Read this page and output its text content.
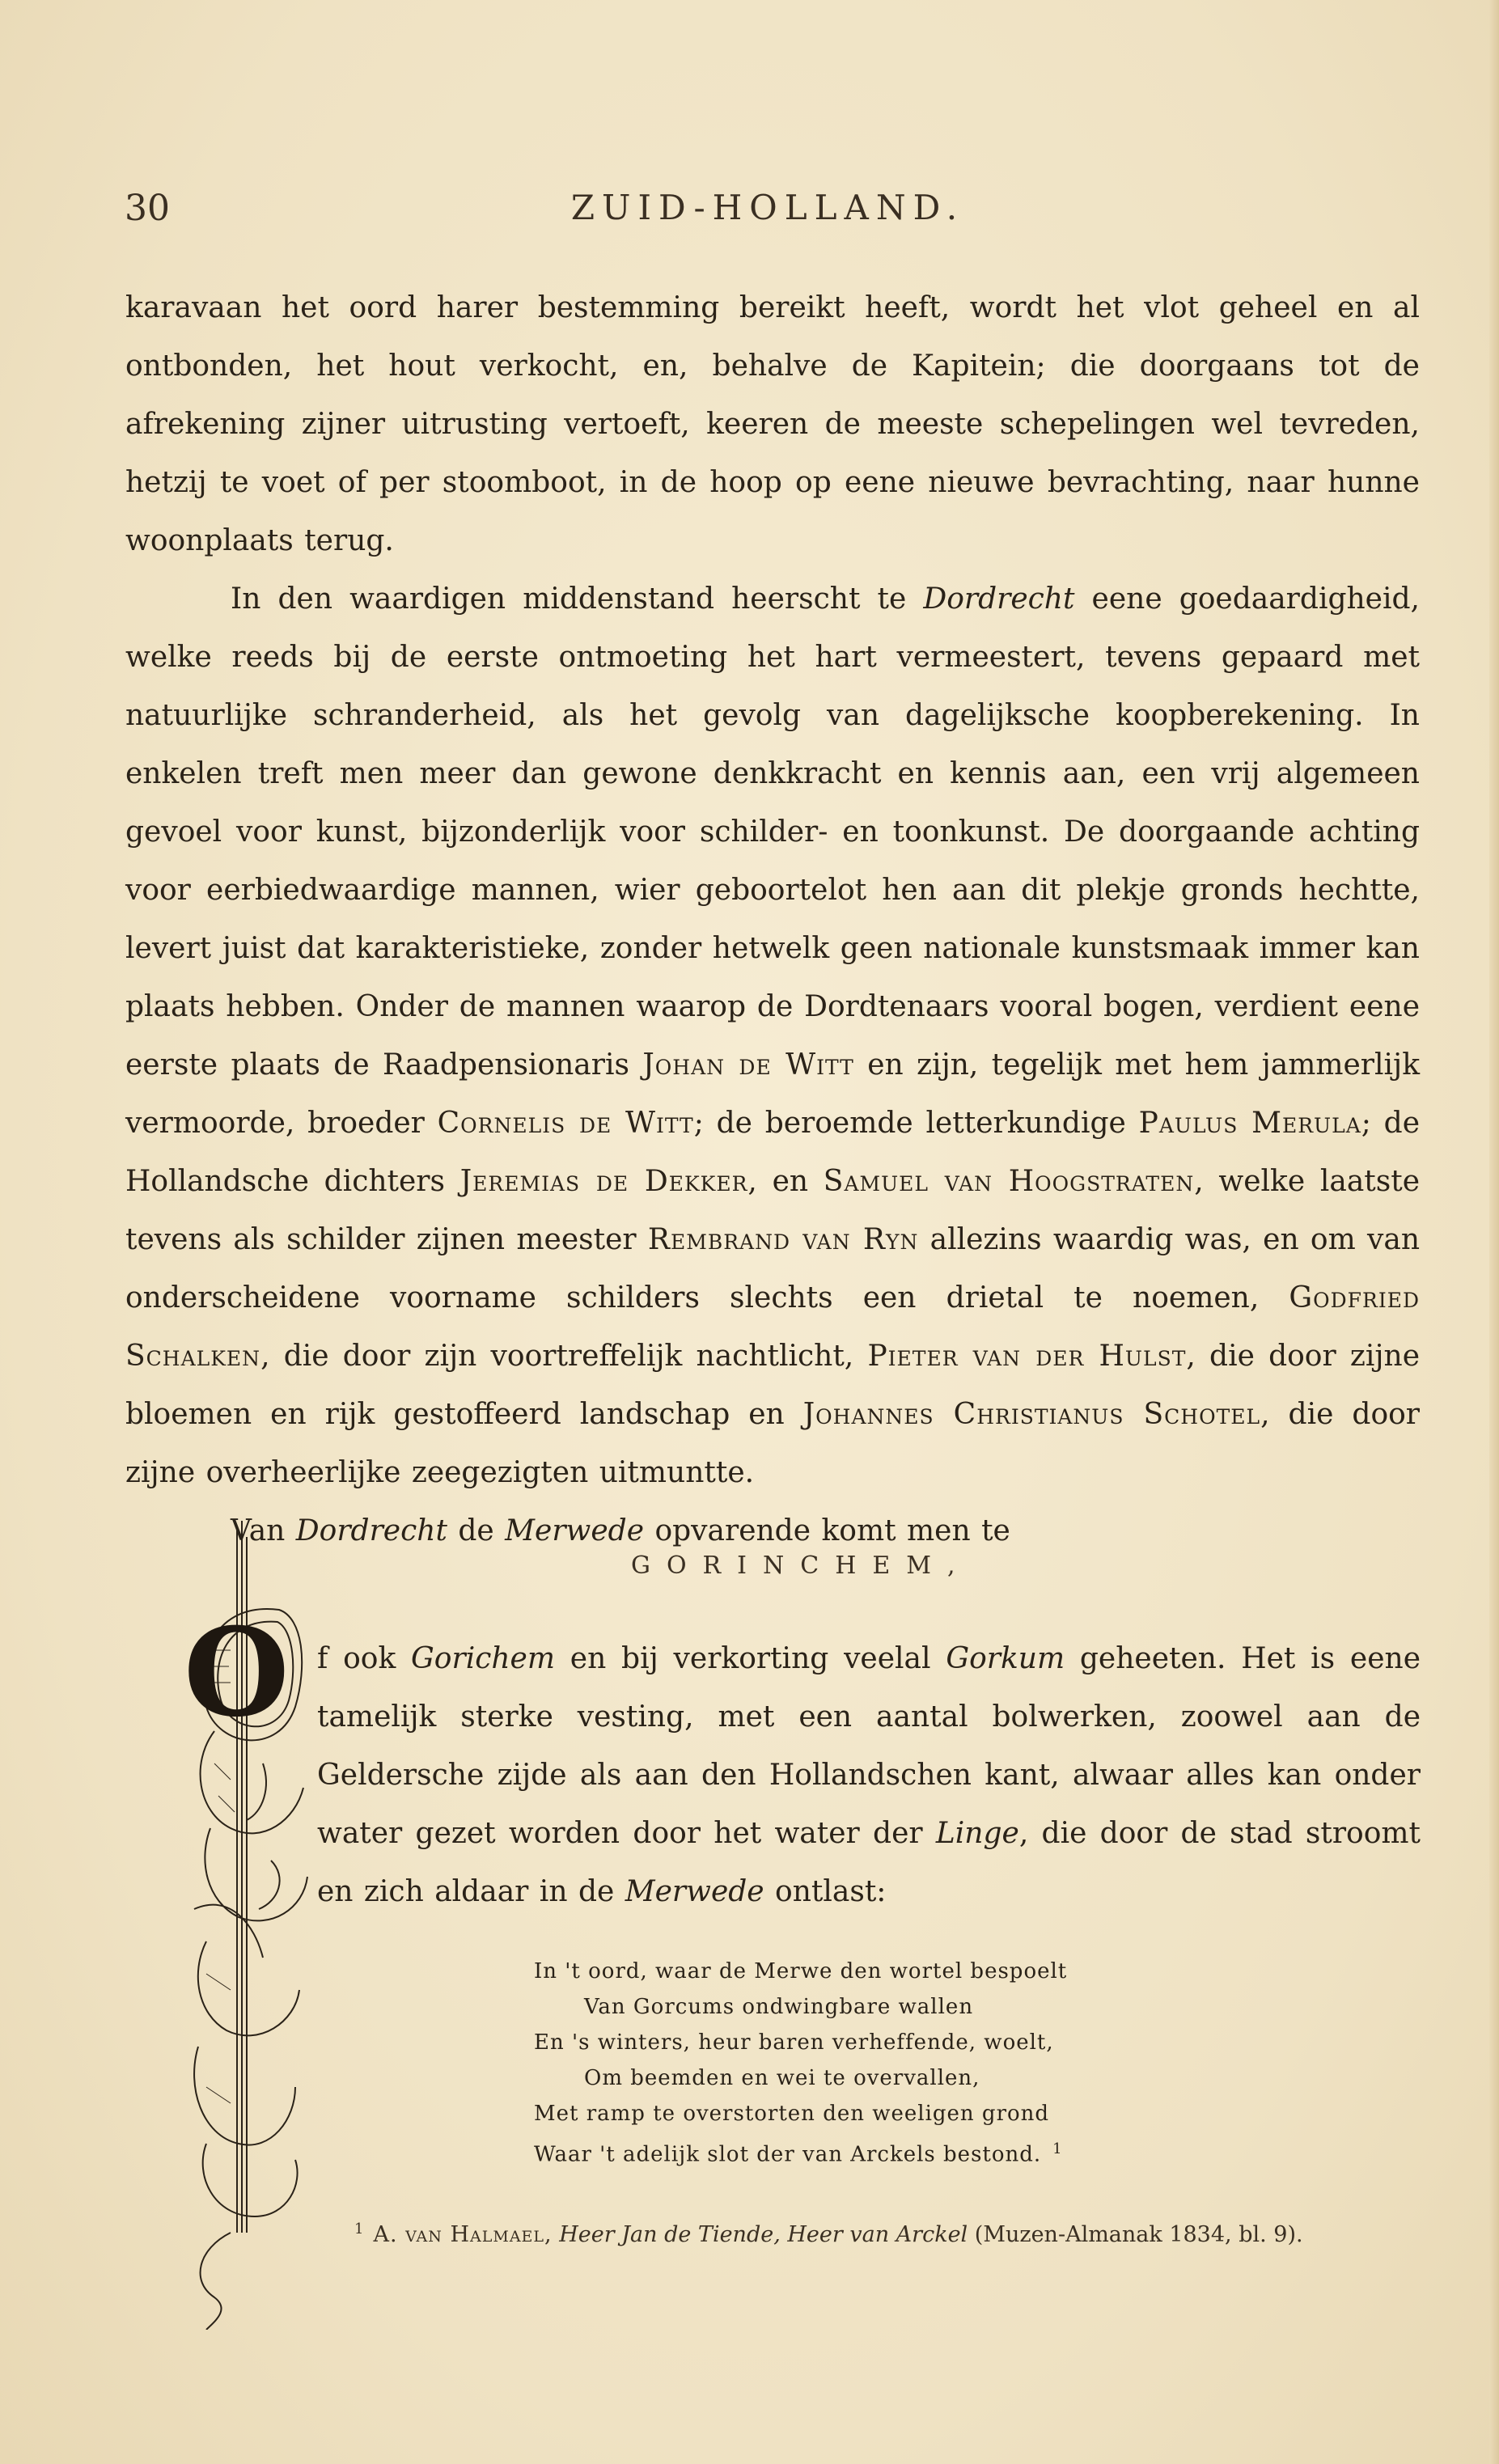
30	ZUID-HOLLAND.

karavaan het oord harer bestemming bereikt heeft, wordt het vlot geheel en al ontbonden, het hout verkocht, en, behalve de Kapitein; die doorgaans tot de afrekening zijner uitrusting vertoeft, keeren de meeste schepelingen wel tevreden, hetzij te voet of per stoomboot, in de hoop op eene nieuwe bevrachting, naar hunne woonplaats terug.

In den waardigen middenstand heerscht te Dordrecht eene goedaardigheid, welke reeds bij de eerste ontmoeting het hart vermeestert, tevens gepaard met natuurlijke schranderheid, als het gevolg van dagelijksche koopberekening. In enkelen treft men meer dan gewone denkkracht en kennis aan, een vrij algemeen gevoel voor kunst, bijzonderlijk voor schilder- en toonkunst. De doorgaande achting voor eerbiedwaardige mannen, wier geboortelot hen aan dit plekje gronds hechtte, levert juist dat karakteristieke, zonder hetwelk geen nationale kunstsmaak immer kan plaats hebben. Onder de mannen waarop de Dordtenaars vooral bogen, verdient eene eerste plaats de Raadpensionaris Johan de Witt en zijn, tegelijk met hem jammerlijk vermoorde, broeder Cornelis de Witt; de beroemde letterkundige Paulus Merula; de Hollandsche dichters Jeremias de Dekker, en Samuel van Hoogstraten, welke laatste tevens als schilder zijnen meester Rembrand van Ryn allezins waardig was, en om van onderscheidene voorname schilders slechts een drietal te noemen, Godfried Schalken, die door zijn voortreffelijk nachtlicht, Pieter van der Hulst, die door zijne bloemen en rijk gestoffeerd landschap en Johannes Christianus Schotel, die door zijne overheerlijke zeegezigten uitmuntte.

Van Dordrecht de Merwede opvarende komt men te

GORINCHEM,
O f ook Gorichem en bij verkorting veelal Gorkum geheeten. Het is eene tamelijk sterke vesting, met een aantal bolwerken, zoowel aan de Geldersche zijde als aan den Hollandschen kant, alwaar alles kan onder water gezet worden door het water der Linge, die door de stad stroomt en zich aldaar in de Merwede ontlast:

In 't oord, waar de Merwe den wortel bespoelt
Van Gorcums ondwingbare wallen
En 's winters, heur baren verheffende, woelt,
Om beemden en wei te overvallen,
Met ramp te overstorten den weeligen grond
Waar 't adelijk slot der van Arckels bestond. $^1$
$^1$ A. van Halmael, Heer Jan de Tiende, Heer van Arckel (Muzen-Almanak 1834, bl. 9).
